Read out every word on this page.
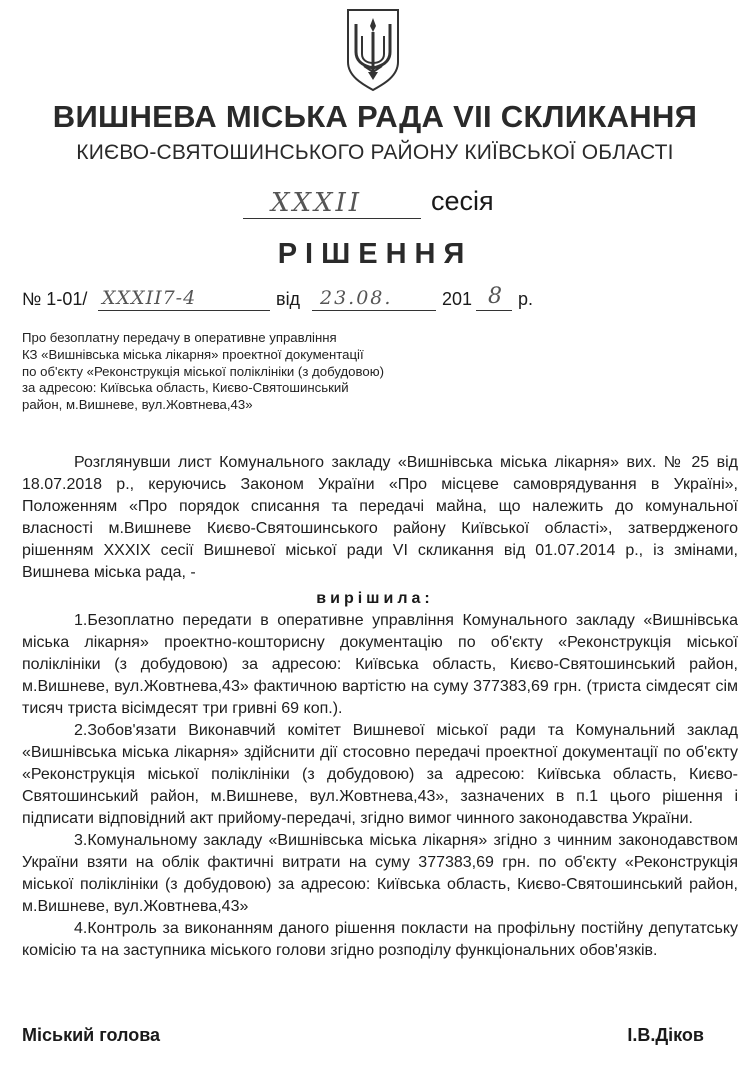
ВИШНЕВА МІСЬКА РАДА VII СКЛИКАННЯ
КИЄВО-СВЯТОШИНСЬКОГО РАЙОНУ КИЇВСЬКОЇ ОБЛАСТІ
XXXII	сесія
РІШЕННЯ
№ 1-01/ XXXII7-4	від 23.08.	201 8 р.
Про безоплатну передачу в оперативне управління
КЗ «Вишнівська міська лікарня» проектної документації
по об'єкту «Реконструкція міської поліклініки (з добудовою)
за адресою: Київська область, Києво-Святошинський
район, м.Вишневе, вул.Жовтнева,43»

Розглянувши лист Комунального закладу «Вишнівська міська лікарня» вих. № 25 від 18.07.2018 р., керуючись Законом України «Про місцеве самоврядування в Україні», Положенням «Про порядок списання та передачі майна, що належить до комунальної власності м.Вишневе Києво-Святошинського району Київської області», затвердженого рішенням XXXIX сесії Вишневої міської ради VI скликання від 01.07.2014 р., із змінами, Вишнева міська рада, -

вирішила:

1.Безоплатно передати в оперативне управління Комунального закладу «Вишнівська міська лікарня» проектно-кошторисну документацію по об'єкту «Реконструкція міської поліклініки (з добудовою) за адресою: Київська область, Києво-Святошинський район, м.Вишневе, вул.Жовтнева,43» фактичною вартістю на суму 377383,69 грн. (триста сімдесят сім тисяч триста вісімдесят три гривні 69 коп.).

2.Зобов'язати Виконавчий комітет Вишневої міської ради та Комунальний заклад «Вишнівська міська лікарня» здійснити дії стосовно передачі проектної документації по об'єкту «Реконструкція міської поліклініки (з добудовою) за адресою: Київська область, Києво-Святошинський район, м.Вишневе, вул.Жовтнева,43», зазначених в п.1 цього рішення і підписати відповідний акт прийому-передачі, згідно вимог чинного законодавства України.

3.Комунальному закладу «Вишнівська міська лікарня» згідно з чинним законодавством України взяти на облік фактичні витрати на суму 377383,69 грн. по об'єкту «Реконструкція міської поліклініки (з добудовою) за адресою: Київська область, Києво-Святошинський район, м.Вишневе, вул.Жовтнева,43»

4.Контроль за виконанням даного рішення покласти на профільну постійну депутатську комісію та на заступника міського голови згідно розподілу функціональних обов'язків.

Міський голова	І.В.Діков
